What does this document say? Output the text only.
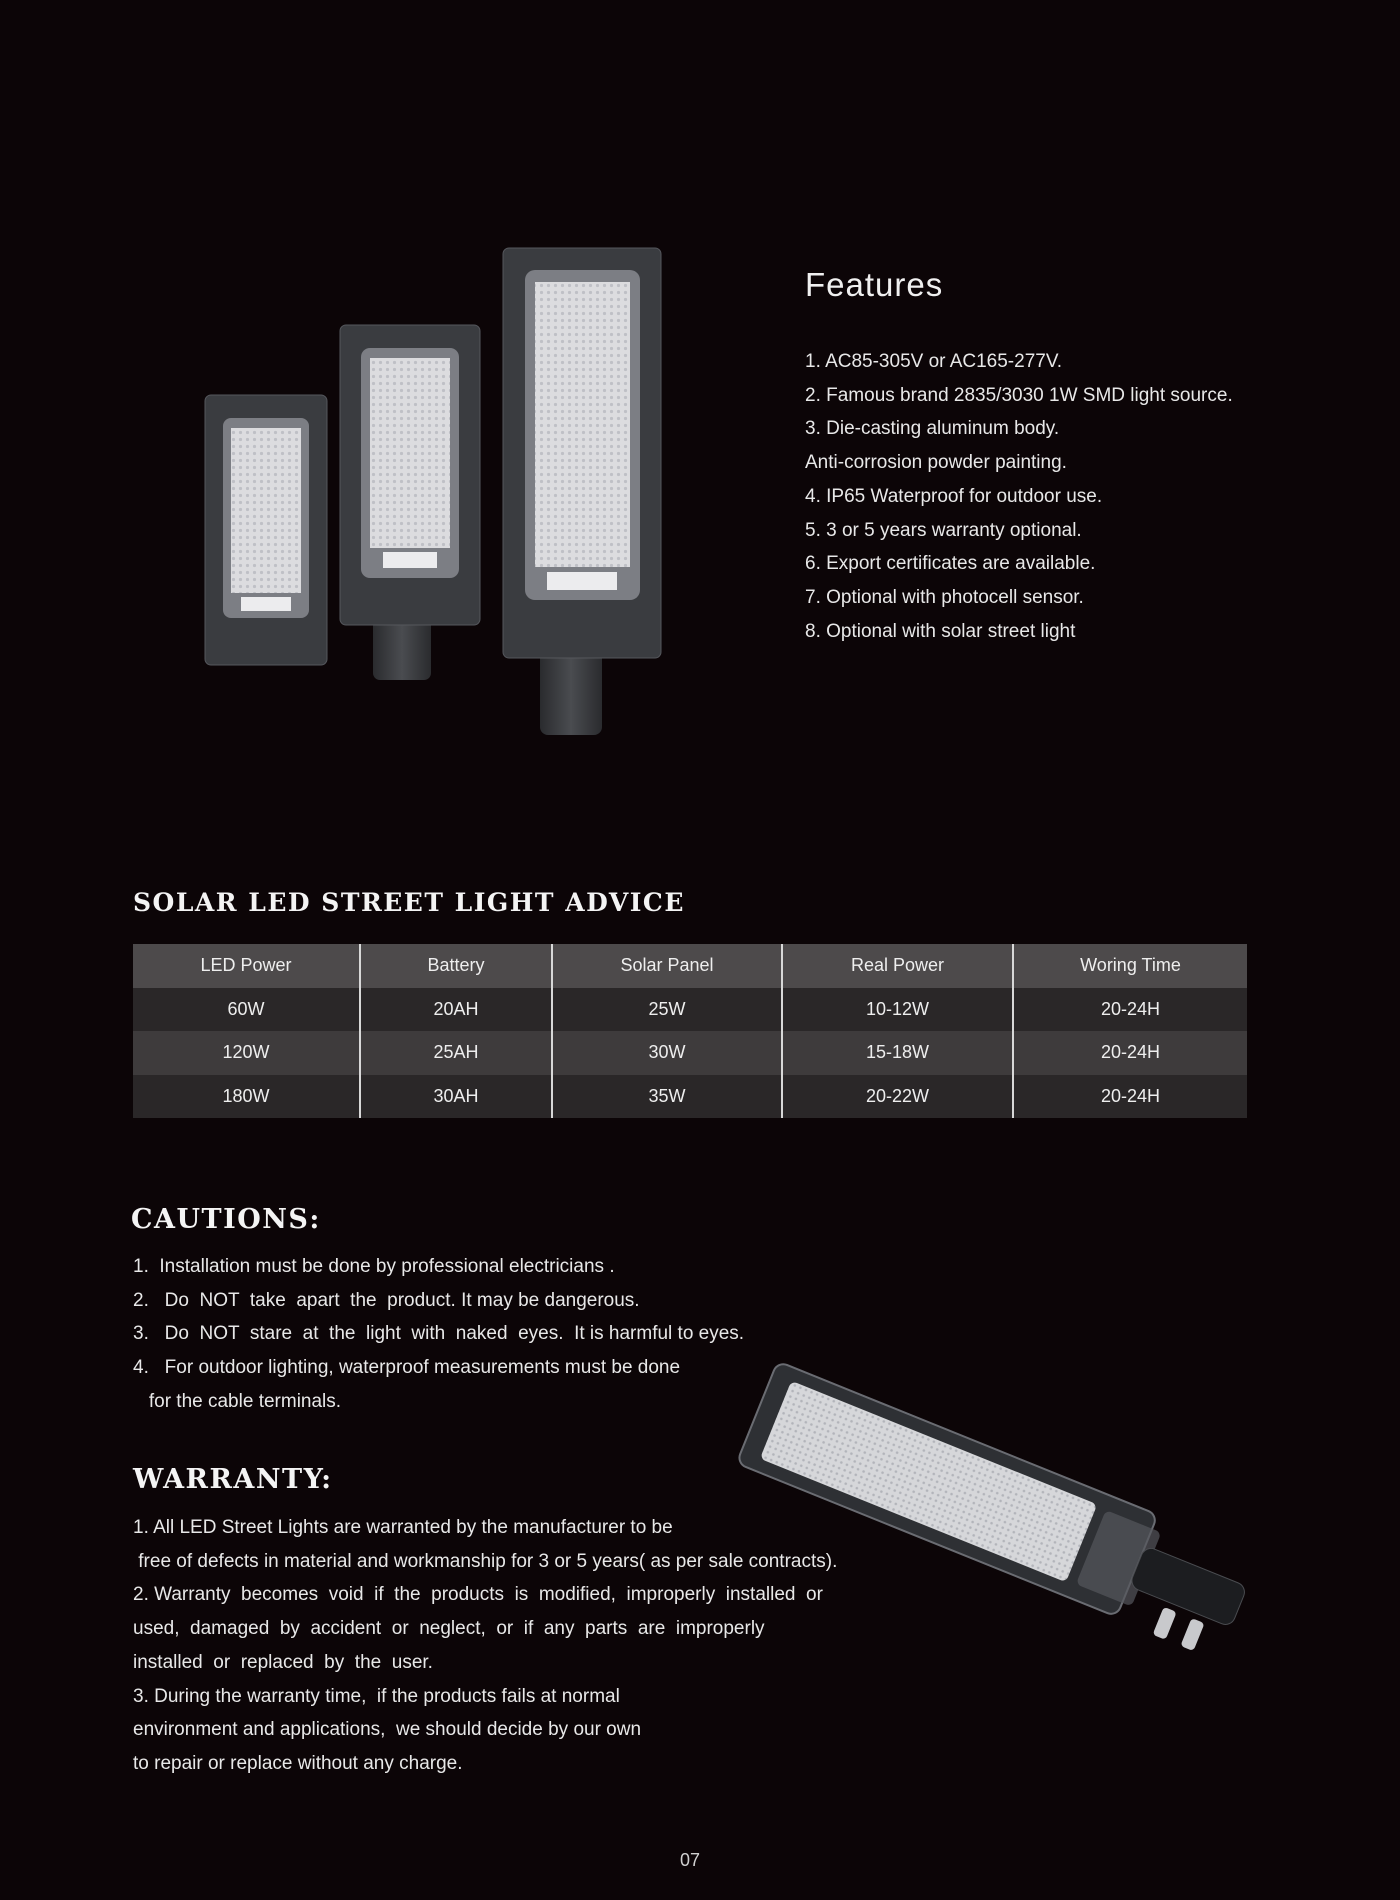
Features
1. AC85-305V or AC165-277V.
2. Famous brand 2835/3030 1W SMD light source.
3. Die-casting aluminum body.
Anti-corrosion powder painting.
4. IP65 Waterproof for outdoor use.
5. 3 or 5 years warranty optional.
6. Export certificates are available.
7. Optional with photocell sensor.
8. Optional with solar street light
SOLAR LED STREET LIGHT ADVICE
LED Power	Battery	Solar Panel	Real Power	Woring Time
60W	20AH	25W	10-12W	20-24H
120W	25AH	30W	15-18W	20-24H
180W	30AH	35W	20-22W	20-24H
CAUTIONS:
1.  Installation must be done by professional electricians .
2.   Do  NOT  take  apart  the  product. It may be dangerous.
3.   Do  NOT  stare  at  the  light  with  naked  eyes.  It is harmful to eyes.
4.   For outdoor lighting, waterproof measurements must be done
for the cable terminals.
WARRANTY:
1. All LED Street Lights are warranted by the manufacturer to be
free of defects in material and workmanship for 3 or 5 years( as per sale contracts).
2. Warranty  becomes  void  if  the  products  is  modified,  improperly  installed  or
used,  damaged  by  accident  or  neglect,  or  if  any  parts  are  improperly
installed  or  replaced  by  the  user.
3. During the warranty time,  if the products fails at normal
environment and applications,  we should decide by our own
to repair or replace without any charge.
07
